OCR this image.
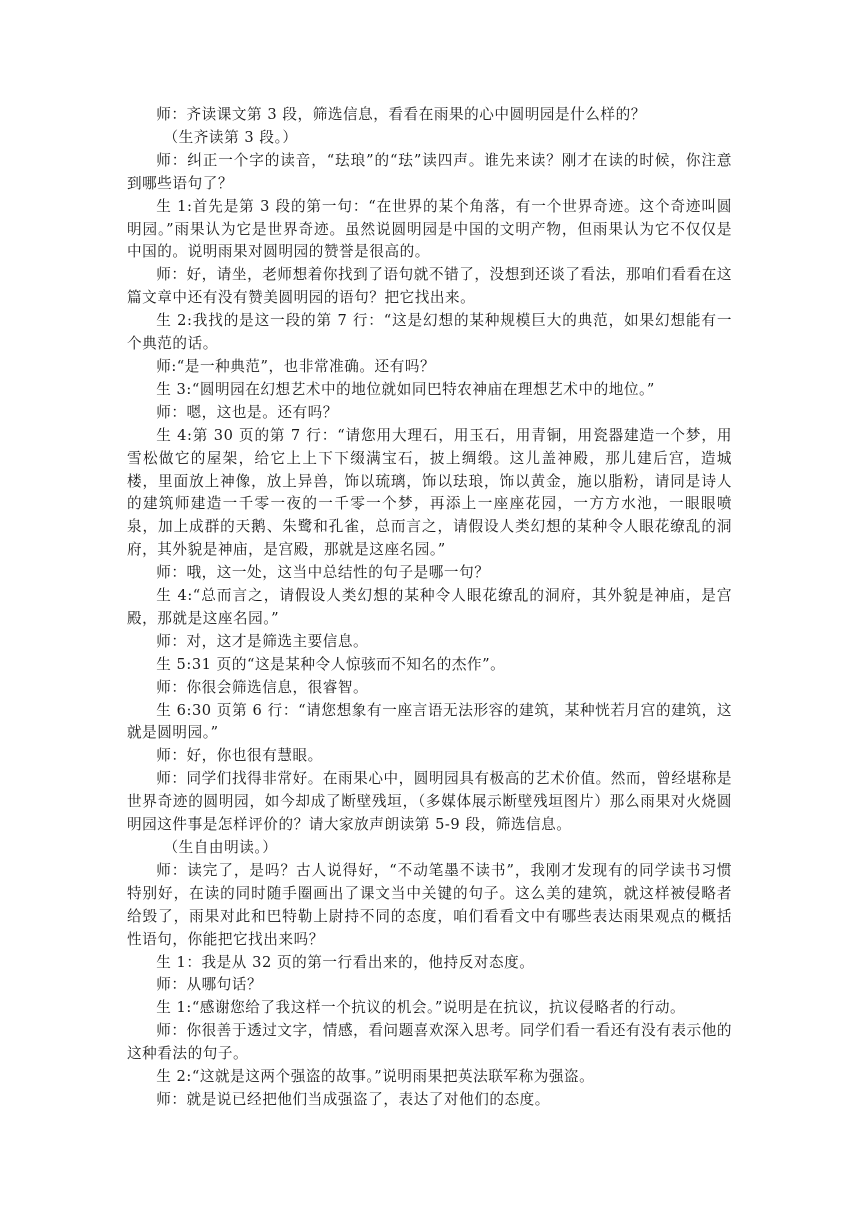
师：齐读课文第 3 段，筛选信息，看看在雨果的心中圆明园是什么样的？

（生齐读第 3 段。）

师：纠正一个字的读音，“珐琅”的“珐”读四声。谁先来读？刚才在读的时候，你注意到哪些语句了？

生 1:首先是第 3 段的第一句：“在世界的某个角落，有一个世界奇迹。这个奇迹叫圆明园。”雨果认为它是世界奇迹。虽然说圆明园是中国的文明产物，但雨果认为它不仅仅是中国的。说明雨果对圆明园的赞誉是很高的。

师：好，请坐，老师想着你找到了语句就不错了，没想到还谈了看法，那咱们看看在这篇文章中还有没有赞美圆明园的语句？把它找出来。

生 2:我找的是这一段的第 7 行：“这是幻想的某种规模巨大的典范，如果幻想能有一个典范的话。

师:“是一种典范”，也非常准确。还有吗？

生 3:“圆明园在幻想艺术中的地位就如同巴特农神庙在理想艺术中的地位。”

师：嗯，这也是。还有吗？

生 4:第 30 页的第 7 行：“请您用大理石，用玉石，用青铜，用瓷器建造一个梦，用雪松做它的屋架，给它上上下下缀满宝石，披上绸缎。这儿盖神殿，那儿建后宫，造城楼，里面放上神像，放上异兽，饰以琉璃，饰以珐琅，饰以黄金，施以脂粉，请同是诗人的建筑师建造一千零一夜的一千零一个梦，再添上一座座花园，一方方水池，一眼眼喷泉，加上成群的天鹅、朱鹭和孔雀，总而言之，请假设人类幻想的某种令人眼花缭乱的洞府，其外貌是神庙，是宫殿，那就是这座名园。”

师：哦，这一处，这当中总结性的句子是哪一句？

生 4:“总而言之，请假设人类幻想的某种令人眼花缭乱的洞府，其外貌是神庙，是宫殿，那就是这座名园。”

师：对，这才是筛选主要信息。

生 5:31 页的“这是某种令人惊骇而不知名的杰作”。

师：你很会筛选信息，很睿智。

生 6:30 页第 6 行：“请您想象有一座言语无法形容的建筑，某种恍若月宫的建筑，这就是圆明园。”

师：好，你也很有慧眼。

师：同学们找得非常好。在雨果心中，圆明园具有极高的艺术价值。然而，曾经堪称是世界奇迹的圆明园，如今却成了断壁残垣，（多媒体展示断壁残垣图片）那么雨果对火烧圆明园这件事是怎样评价的？请大家放声朗读第 5-9 段，筛选信息。

（生自由明读。）

师：读完了，是吗？古人说得好，“不动笔墨不读书”，我刚才发现有的同学读书习惯特别好，在读的同时随手圈画出了课文当中关键的句子。这么美的建筑，就这样被侵略者给毁了，雨果对此和巴特勒上尉持不同的态度，咱们看看文中有哪些表达雨果观点的概括性语句，你能把它找出来吗？

生 1：我是从 32 页的第一行看出来的，他持反对态度。

师：从哪句话？

生 1:“感谢您给了我这样一个抗议的机会。”说明是在抗议，抗议侵略者的行动。

师：你很善于透过文字，情感，看问题喜欢深入思考。同学们看一看还有没有表示他的这种看法的句子。

生 2:“这就是这两个强盗的故事。”说明雨果把英法联军称为强盗。

师：就是说已经把他们当成强盗了，表达了对他们的态度。
